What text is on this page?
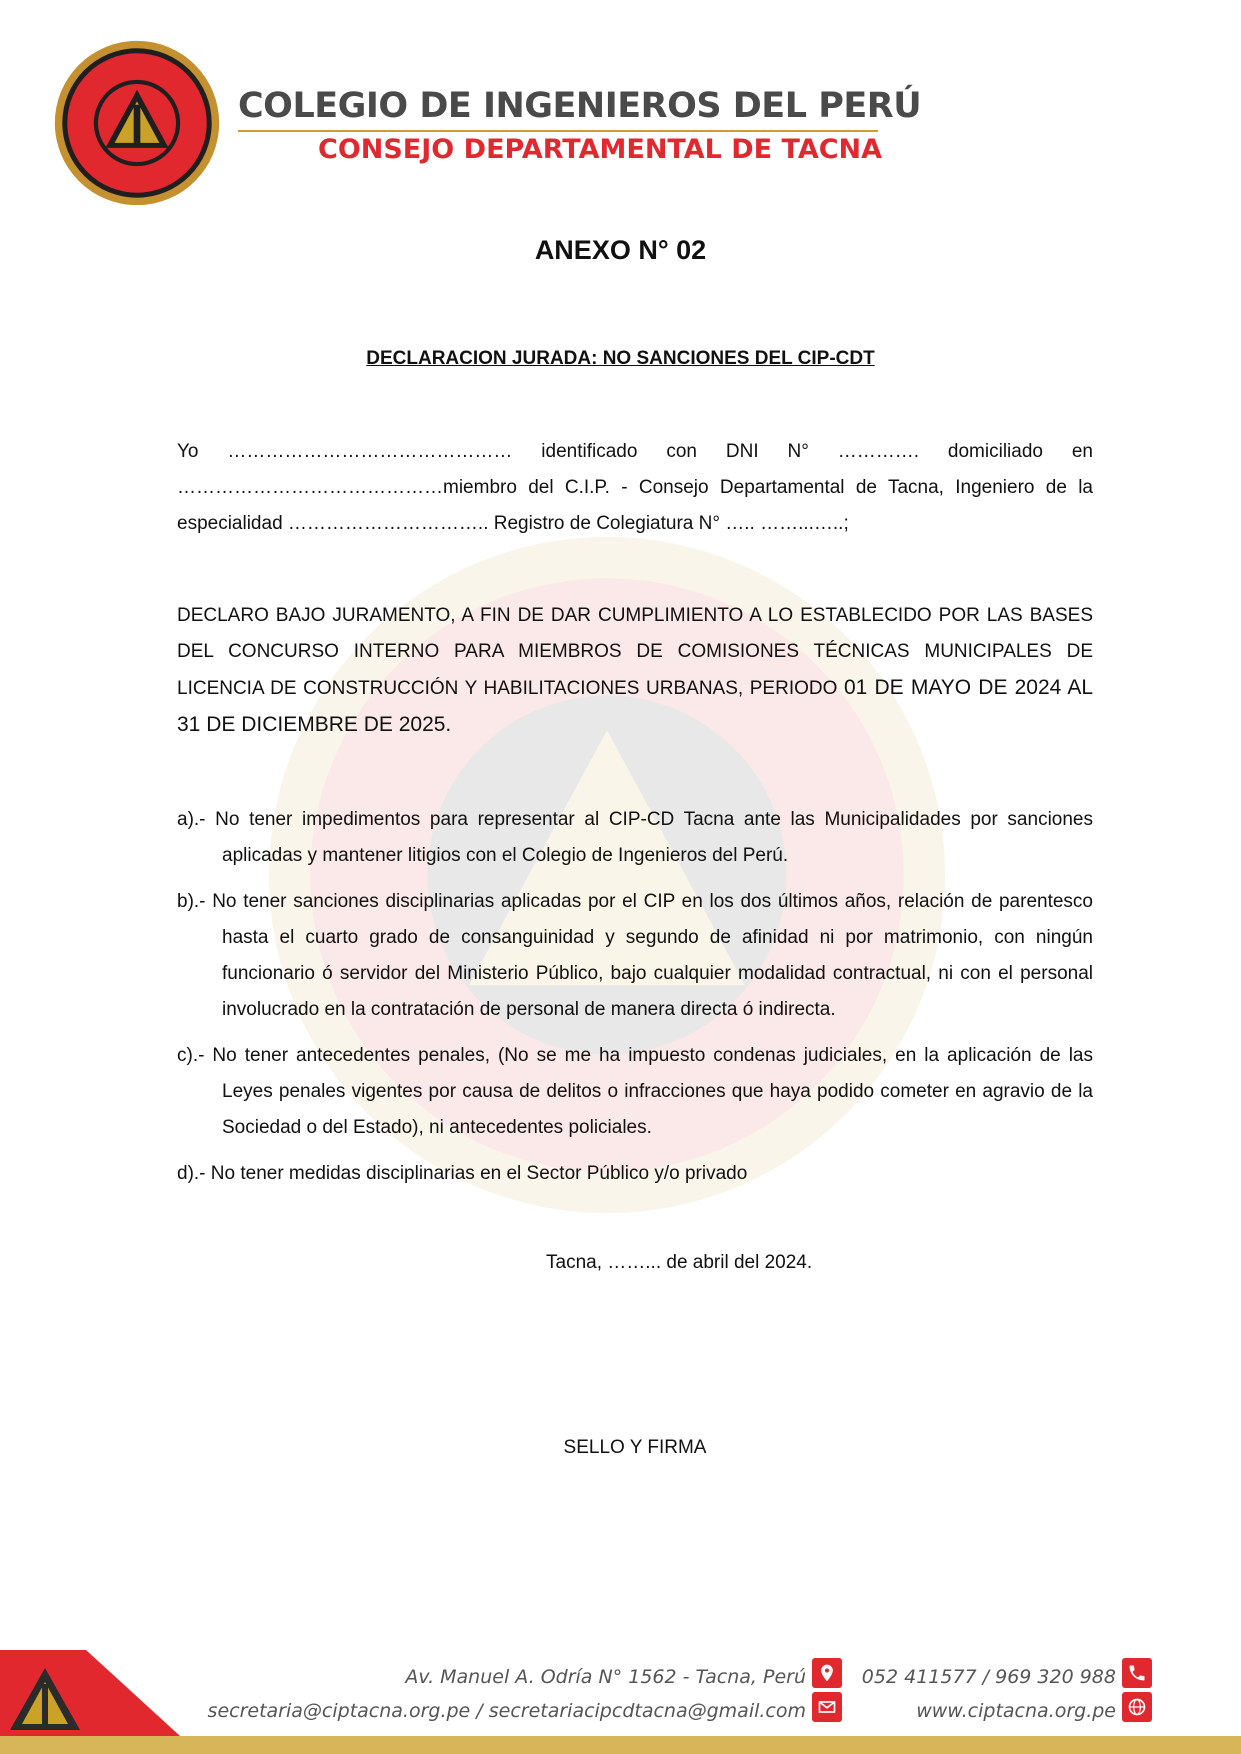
COLEGIO DE INGENIEROS DEL PERÚ
CONSEJO DEPARTAMENTAL DE TACNA
ANEXO N° 02
DECLARACION JURADA: NO SANCIONES DEL CIP-CDT
Yo ……………………………………… identificado con DNI N° …………. domiciliado en ……………………………………miembro del C.I.P. - Consejo Departamental de Tacna, Ingeniero de la especialidad ………………………….. Registro de Colegiatura N° ….. ……...…..;
DECLARO BAJO JURAMENTO, A FIN DE DAR CUMPLIMIENTO A LO ESTABLECIDO POR LAS BASES DEL CONCURSO INTERNO PARA MIEMBROS DE COMISIONES TÉCNICAS MUNICIPALES DE LICENCIA DE CONSTRUCCIÓN Y HABILITACIONES URBANAS, PERIODO 01 DE MAYO DE 2024 AL 31 DE DICIEMBRE DE 2025.
a).- No tener impedimentos para representar al CIP-CD Tacna ante las Municipalidades por sanciones aplicadas y mantener litigios con el Colegio de Ingenieros del Perú.
b).- No tener sanciones disciplinarias aplicadas por el CIP en los dos últimos años, relación de parentesco hasta el cuarto grado de consanguinidad y segundo de afinidad ni por matrimonio, con ningún funcionario ó servidor del Ministerio Público, bajo cualquier modalidad contractual, ni con el personal involucrado en la contratación de personal de manera directa ó indirecta.
c).- No tener antecedentes penales, (No se me ha impuesto condenas judiciales, en la aplicación de las Leyes penales vigentes por causa de delitos o infracciones que haya podido cometer en agravio de la Sociedad o del Estado), ni antecedentes policiales.
d).- No tener medidas disciplinarias en el Sector Público y/o privado
Tacna, ……... de abril del 2024.
SELLO Y FIRMA
Av. Manuel A. Odría N° 1562 - Tacna, Perú
secretaria@ciptacna.org.pe / secretariacipcdtacna@gmail.com
052 411577 / 969 320 988
www.ciptacna.org.pe
